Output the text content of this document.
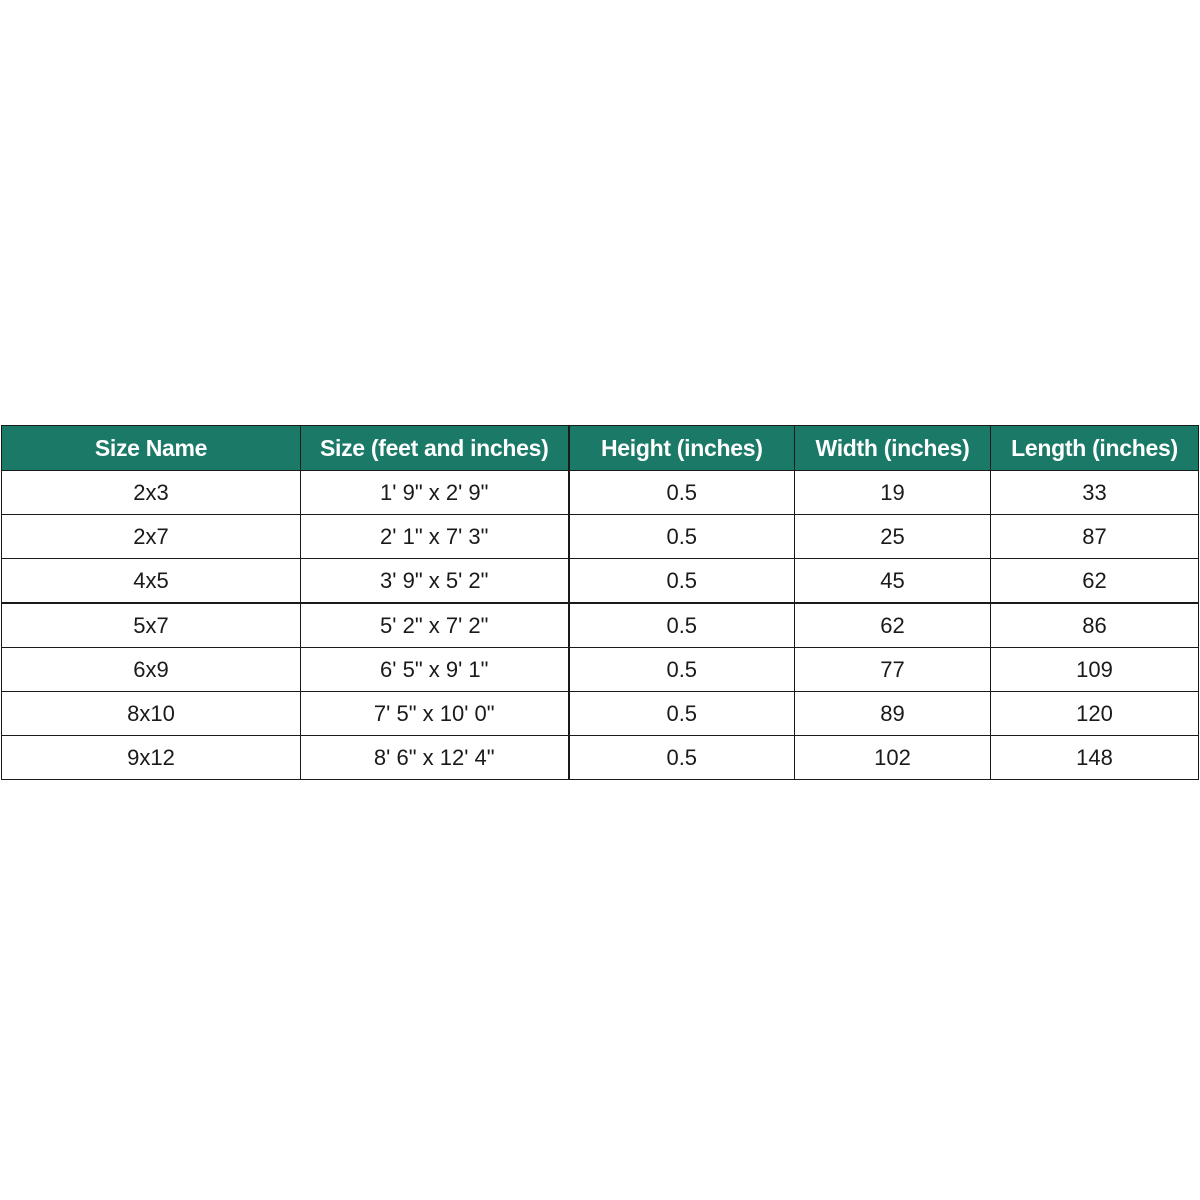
Size Name	Size (feet and inches)	Height (inches)	Width (inches)	Length (inches)
2x3	1' 9" x 2' 9"	0.5	19	33
2x7	2' 1" x 7' 3"	0.5	25	87
4x5	3' 9" x 5' 2"	0.5	45	62
5x7	5' 2" x 7' 2"	0.5	62	86
6x9	6' 5" x 9' 1"	0.5	77	109
8x10	7' 5" x 10' 0"	0.5	89	120
9x12	8' 6" x 12' 4"	0.5	102	148
